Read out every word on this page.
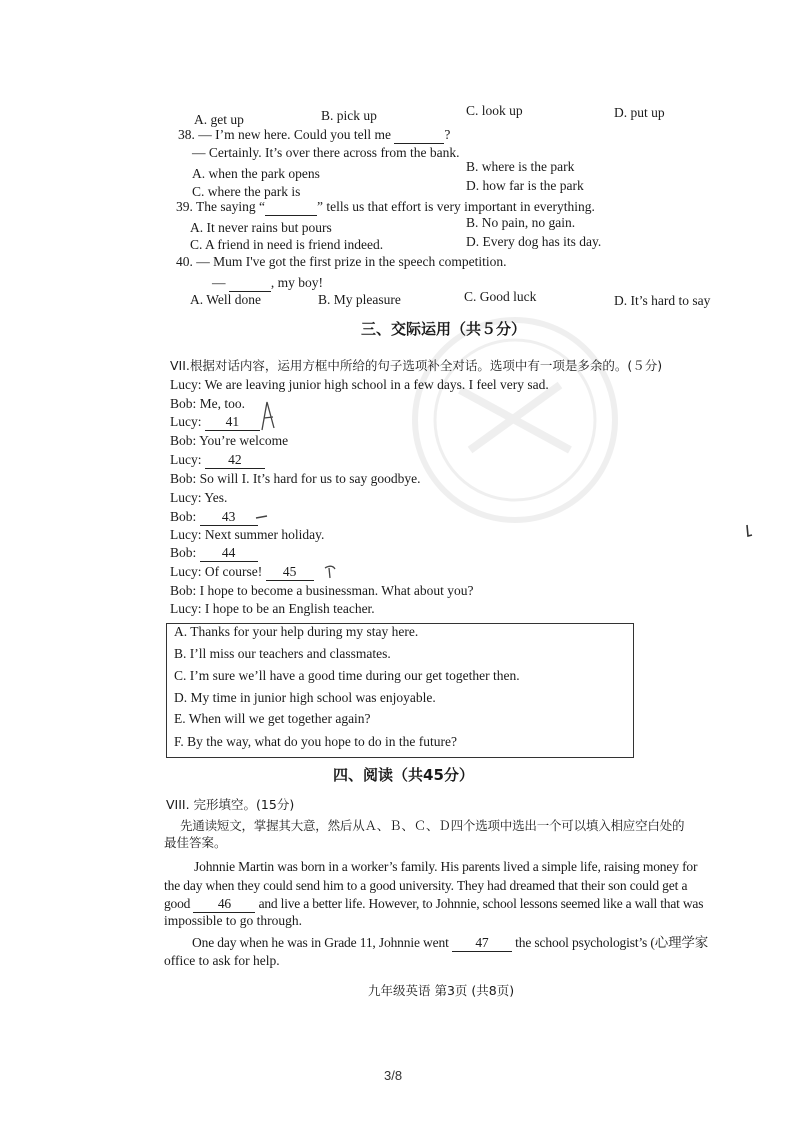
A. get up	B. pick up	C. look up	D. put up
38. — I’m new here. Could you tell me	?
— Certainly. It’s over there across from the bank.
A. when the park opens	B. where is the park
C. where the park is	D. how far is the park
39. The saying “	” tells us that effort is very important in everything.
A. It never rains but pours	B. No pain, no gain.
C. A friend in need is friend indeed.	D. Every dog has its day.
40. — Mum I've got the first prize in the speech competition.
—	, my boy!
A. Well done	B. My pleasure	C. Good luck	D. It’s hard to say
三、交际运用（共５分）
VII.根据对话内容，运用方框中所给的句子选项补全对话。选项中有一项是多余的。(５分)
Lucy: We are leaving junior high school in a few days. I feel very sad.
Bob: Me, too.
Lucy: 41
Bob: You’re welcome
Lucy: 42
Bob: So will I. It’s hard for us to say goodbye.
Lucy: Yes.
Bob: 43
Lucy: Next summer holiday.
Bob: 44
Lucy: Of course! 45
Bob: I hope to become a businessman. What about you?
Lucy: I hope to be an English teacher.
A. Thanks for your help during my stay here.
B. I’ll miss our teachers and classmates.
C. I’m sure we’ll have a good time during our get together then.
D. My time in junior high school was enjoyable.
E. When will we get together again?
F. By the way, what do you hope to do in the future?
四、阅读（共45分）
VIII. 完形填空。(15分)
先通读短文，掌握其大意，然后从Ａ、Ｂ、Ｃ、Ｄ四个选项中选出一个可以填入相应空白处的
最佳答案。
Johnnie Martin was born in a worker’s family. His parents lived a simple life, raising money for
the day when they could send him to a good university. They had dreamed that their son could get a
good 46 and live a better life. However, to Johnnie, school lessons seemed like a wall that was
impossible to go through.
One day when he was in Grade 11, Johnnie went 47 the school psychologist’s (心理学家
office to ask for help.
九年级英语 第3页 (共8页)
3/8
